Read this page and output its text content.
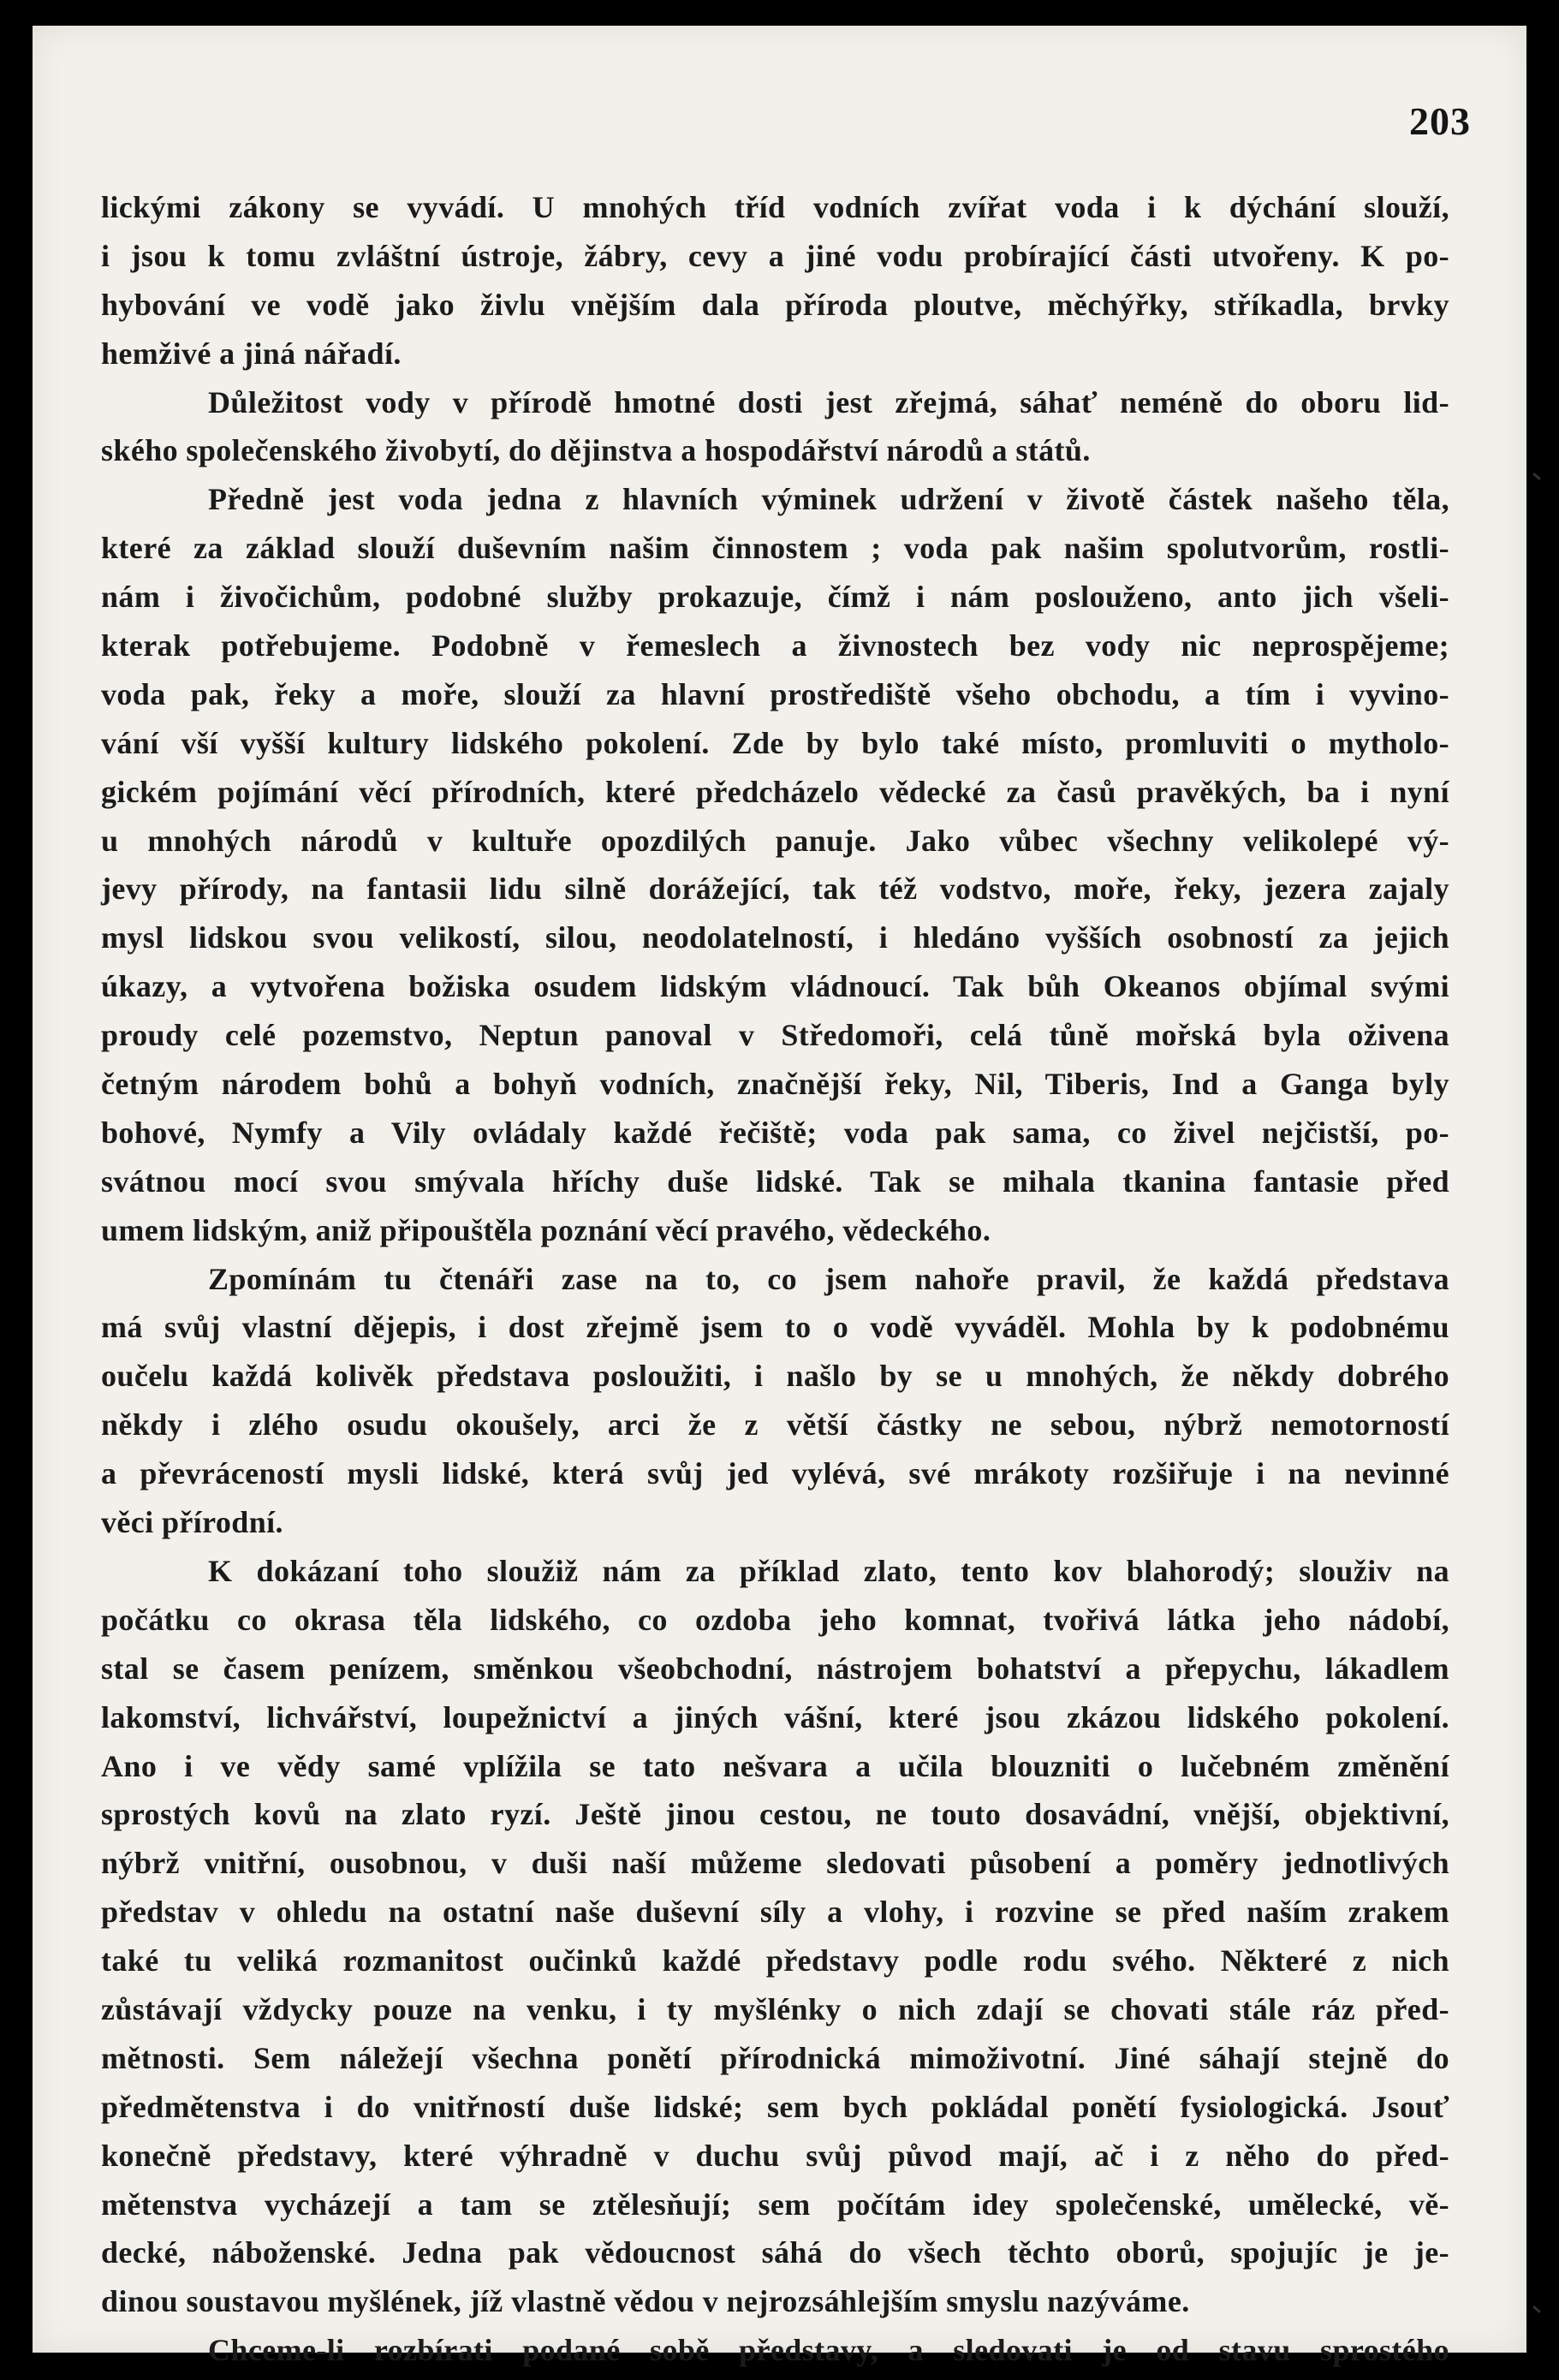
203
lickými zákony se vyvádí. U mnohých tříd vodních zvířat voda i k dýchání slouží,
i jsou k tomu zvláštní ústroje, žábry, cevy a jiné vodu probírající části utvořeny. K po-
hybování ve vodě jako živlu vnějším dala příroda ploutve, měchýřky, stříkadla, brvky
hemživé a jiná nářadí.
Důležitost vody v přírodě hmotné dosti jest zřejmá, sáhať neméně do oboru lid-
ského společenského živobytí, do dějinstva a hospodářství národů a států.
Předně jest voda jedna z hlavních výminek udržení v životě částek našeho těla,
které za základ slouží duševním našim činnostem ; voda pak našim spolutvorům, rostli-
nám i živočichům, podobné služby prokazuje, čímž i nám poslouženo, anto jich všeli-
kterak potřebujeme. Podobně v řemeslech a živnostech bez vody nic neprospějeme;
voda pak, řeky a moře, slouží za hlavní prostřediště všeho obchodu, a tím i vyvino-
vání vší vyšší kultury lidského pokolení. Zde by bylo také místo, promluviti o mytholo-
gickém pojímání věcí přírodních, které předcházelo vědecké za časů pravěkých, ba i nyní
u mnohých národů v kultuře opozdilých panuje. Jako vůbec všechny velikolepé vý-
jevy přírody, na fantasii lidu silně dorážející, tak též vodstvo, moře, řeky, jezera zajaly
mysl lidskou svou velikostí, silou, neodolatelností, i hledáno vyšších osobností za jejich
úkazy, a vytvořena božiska osudem lidským vládnoucí. Tak bůh Okeanos objímal svými
proudy celé pozemstvo, Neptun panoval v Středomoři, celá tůně mořská byla oživena
četným národem bohů a bohyň vodních, značnější řeky, Nil, Tiberis, Ind a Ganga byly
bohové, Nymfy a Vily ovládaly každé řečiště; voda pak sama, co živel nejčistší, po-
svátnou mocí svou smývala hříchy duše lidské. Tak se mihala tkanina fantasie před
umem lidským, aniž připouštěla poznání věcí pravého, vědeckého.
Zpomínám tu čtenáři zase na to, co jsem nahoře pravil, že každá představa
má svůj vlastní dějepis, i dost zřejmě jsem to o vodě vyváděl. Mohla by k podobnému
oučelu každá kolivěk představa posloužiti, i našlo by se u mnohých, že někdy dobrého
někdy i zlého osudu okoušely, arci že z větší částky ne sebou, nýbrž nemotorností
a převráceností mysli lidské, která svůj jed vylévá, své mrákoty rozšiřuje i na nevinné
věci přírodní.
K dokázaní toho sloužiž nám za příklad zlato, tento kov blahorodý; slouživ na
počátku co okrasa těla lidského, co ozdoba jeho komnat, tvořivá látka jeho nádobí,
stal se časem penízem, směnkou všeobchodní, nástrojem bohatství a přepychu, lákadlem
lakomství, lichvářství, loupežnictví a jiných vášní, které jsou zkázou lidského pokolení.
Ano i ve vědy samé vplížila se tato nešvara a učila blouzniti o lučebném změnění
sprostých kovů na zlato ryzí. Ještě jinou cestou, ne touto dosavádní, vnější, objektivní,
nýbrž vnitřní, ousobnou, v duši naší můžeme sledovati působení a poměry jednotlivých
představ v ohledu na ostatní naše duševní síly a vlohy, i rozvine se před naším zrakem
také tu veliká rozmanitost oučinků každé představy podle rodu svého. Některé z nich
zůstávají vždycky pouze na venku, i ty myšlénky o nich zdají se chovati stále ráz před-
mětnosti. Sem náležejí všechna ponětí přírodnická mimoživotní. Jiné sáhají stejně do
předmětenstva i do vnitřností duše lidské; sem bych pokládal ponětí fysiologická. Jsouť
konečně představy, které výhradně v duchu svůj původ mají, ač i z něho do před-
mětenstva vycházejí a tam se ztělesňují; sem počítám idey společenské, umělecké, vě-
decké, náboženské. Jedna pak vědoucnost sáhá do všech těchto oborů, spojujíc je je-
dinou soustavou myšlének, jíž vlastně vědou v nejrozsáhlejším smyslu nazýváme.
Chceme-li rozbírati podané sobě představy, a sledovati je od stavu sprostého
